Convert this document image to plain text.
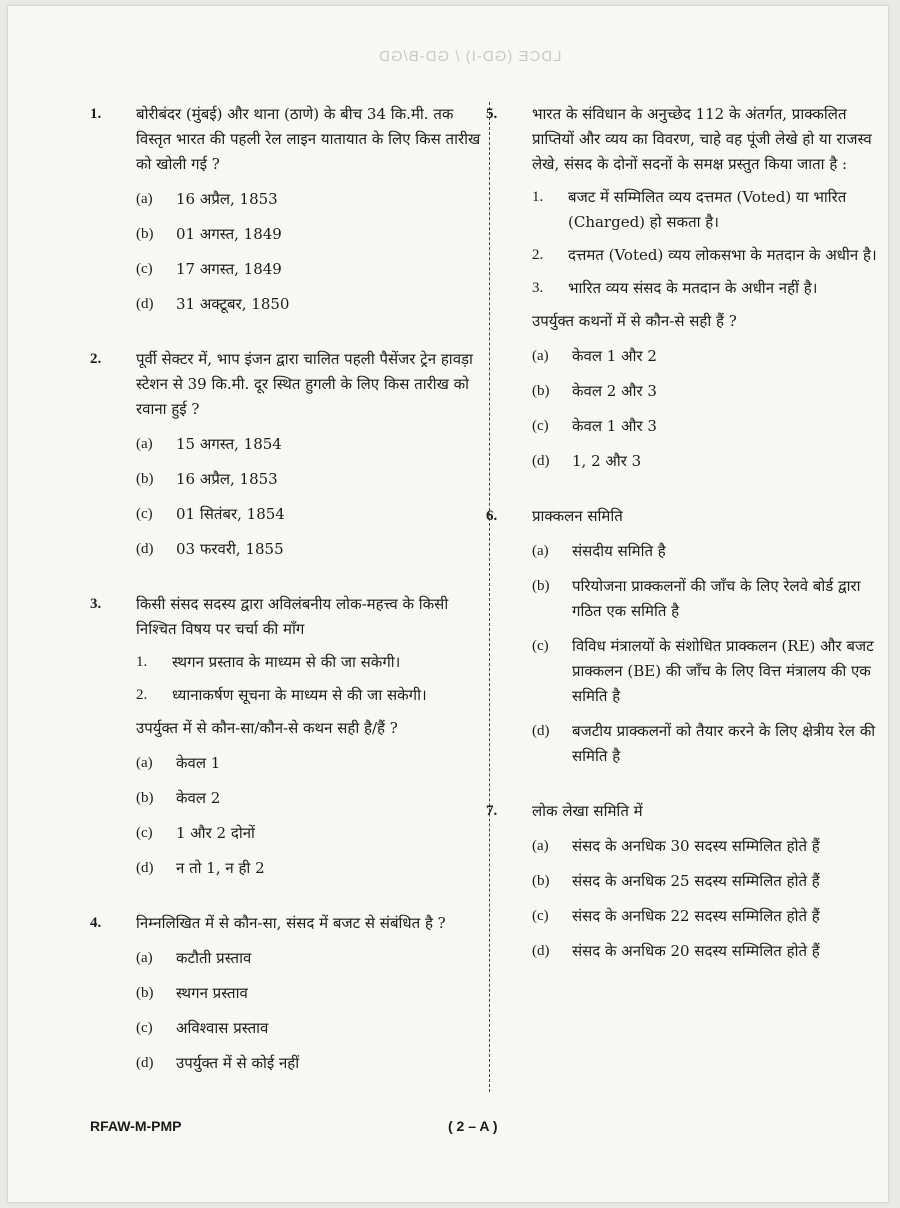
LDCE (GD-I) / GD-B/GD
1. बोरीबंदर (मुंबई) और थाना (ठाणे) के बीच 34 कि.मी. तक विस्तृत भारत की पहली रेल लाइन यातायात के लिए किस तारीख को खोली गई ?
(a) 16 अप्रैल, 1853
(b) 01 अगस्त, 1849
(c) 17 अगस्त, 1849
(d) 31 अक्टूबर, 1850
2. पूर्वी सेक्टर में, भाप इंजन द्वारा चालित पहली पैसेंजर ट्रेन हावड़ा स्टेशन से 39 कि.मी. दूर स्थित हुगली के लिए किस तारीख को रवाना हुई ?
(a) 15 अगस्त, 1854
(b) 16 अप्रैल, 1853
(c) 01 सितंबर, 1854
(d) 03 फरवरी, 1855
3. किसी संसद सदस्य द्वारा अविलंबनीय लोक-महत्त्व के किसी निश्चित विषय पर चर्चा की माँग
1. स्थगन प्रस्ताव के माध्यम से की जा सकेगी।
2. ध्यानाकर्षण सूचना के माध्यम से की जा सकेगी।
उपर्युक्त में से कौन-सा/कौन-से कथन सही है/हैं ?
(a) केवल 1
(b) केवल 2
(c) 1 और 2 दोनों
(d) न तो 1, न ही 2
4. निम्नलिखित में से कौन-सा, संसद में बजट से संबंधित है ?
(a) कटौती प्रस्ताव
(b) स्थगन प्रस्ताव
(c) अविश्वास प्रस्ताव
(d) उपर्युक्त में से कोई नहीं
5. भारत के संविधान के अनुच्छेद 112 के अंतर्गत, प्राक्कलित प्राप्तियों और व्यय का विवरण, चाहे वह पूंजी लेखे हो या राजस्व लेखे, संसद के दोनों सदनों के समक्ष प्रस्तुत किया जाता है :
1. बजट में सम्मिलित व्यय दत्तमत (Voted) या भारित (Charged) हो सकता है।
2. दत्तमत (Voted) व्यय लोकसभा के मतदान के अधीन है।
3. भारित व्यय संसद के मतदान के अधीन नहीं है।
उपर्युक्त कथनों में से कौन-से सही हैं ?
(a) केवल 1 और 2
(b) केवल 2 और 3
(c) केवल 1 और 3
(d) 1, 2 और 3
6. प्राक्कलन समिति
(a) संसदीय समिति है
(b) परियोजना प्राक्कलनों की जाँच के लिए रेलवे बोर्ड द्वारा गठित एक समिति है
(c) विविध मंत्रालयों के संशोधित प्राक्कलन (RE) और बजट प्राक्कलन (BE) की जाँच के लिए वित्त मंत्रालय की एक समिति है
(d) बजटीय प्राक्कलनों को तैयार करने के लिए क्षेत्रीय रेल की समिति है
7. लोक लेखा समिति में
(a) संसद के अनधिक 30 सदस्य सम्मिलित होते हैं
(b) संसद के अनधिक 25 सदस्य सम्मिलित होते हैं
(c) संसद के अनधिक 22 सदस्य सम्मिलित होते हैं
(d) संसद के अनधिक 20 सदस्य सम्मिलित होते हैं
RFAW-M-PMP	( 2 – A )
